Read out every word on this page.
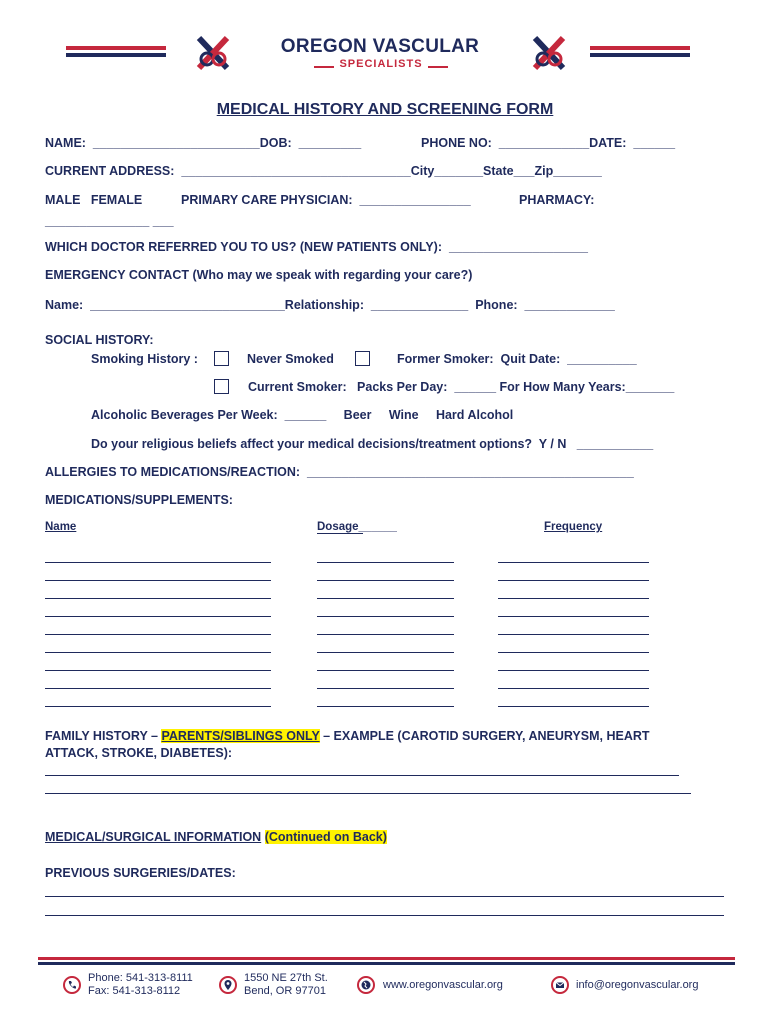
OREGON VASCULAR
SPECIALISTS
MEDICAL HISTORY AND SCREENING FORM
NAME:  ________________________DOB:  _________	PHONE NO:  _____________DATE:  ______
CURRENT ADDRESS:  _________________________________City_______State___Zip_______
MALE   FEMALE	PRIMARY CARE PHYSICIAN:  ________________	PHARMACY:
_______________ ___
WHICH DOCTOR REFERRED YOU TO US? (NEW PATIENTS ONLY):  ____________________
EMERGENCY CONTACT (Who may we speak with regarding your care?)
Name:  ____________________________Relationship:  ______________  Phone:  _____________
SOCIAL HISTORY:
Smoking History :	Never Smoked	Former Smoker:  Quit Date:  __________
Current Smoker:   Packs Per Day:  ______ For How Many Years:_______
Alcoholic Beverages Per Week:  ______     Beer     Wine     Hard Alcohol
Do your religious beliefs affect your medical decisions/treatment options?  Y / N   ___________
ALLERGIES TO MEDICATIONS/REACTION:  _______________________________________________
MEDICATIONS/SUPPLEMENTS:
Name	Dosage______	Frequency
FAMILY HISTORY – PARENTS/SIBLINGS ONLY – EXAMPLE (CAROTID SURGERY, ANEURYSM, HEART
ATTACK, STROKE, DIABETES):
MEDICAL/SURGICAL INFORMATION (Continued on Back)
PREVIOUS SURGERIES/DATES:
Phone: 541-313-8111
Fax: 541-313-8112
1550 NE 27th St.
Bend, OR 97701	www.oregonvascular.org	info@oregonvascular.org
